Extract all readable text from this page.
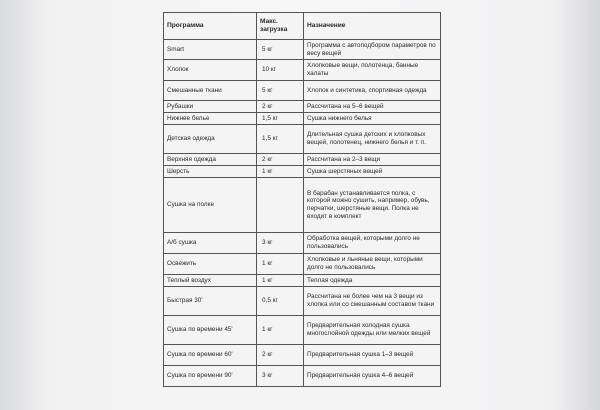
Программа	Макс. загрузка	Назначение
Smart	5 кг	Программа с автоподбором параметров по весу вещей
Хлопок	10 кг	Хлопковые вещи, полотенца, банные халаты
Смешанные ткани	5 кг	Хлопок и синтетика, спортивная одежда
Рубашки	2 кг	Рассчитана на 5–6 вещей
Нижнее белье	1,5 кг	Сушка нижнего белья
Детская одежда	1,5 кг	Длительная сушка детских и хлопковых вещей, полотенец, нижнего белья и т. п.
Верхняя одежда	2 кг	Рассчитана на 2–3 вещи
Шерсть	1 кг	Сушка шерстяных вещей
Сушка на полке		В барабан устанавливается полка, с которой можно сушить, например, обувь, перчатки, шерстяные вещи. Полка не входит в комплект
А/б сушка	3 кг	Обработка вещей, которыми долго не пользовались
Освежить	1 кг	Хлопковые и льняные вещи, которыми долго не пользовались
Теплый воздух	1 кг	Теплая одежда
Быстрая 30'	0,5 кг	Рассчитана не более чем на 3 вещи из хлопка или со смешанным составом ткани
Сушка по времени 45'	1 кг	Предварительная холодная сушка многослойной одежды или мелких вещей
Сушка по времени 60'	2 кг	Предварительная сушка 1–3 вещей
Сушка по времени 90'	3 кг	Предварительная сушка 4–6 вещей
